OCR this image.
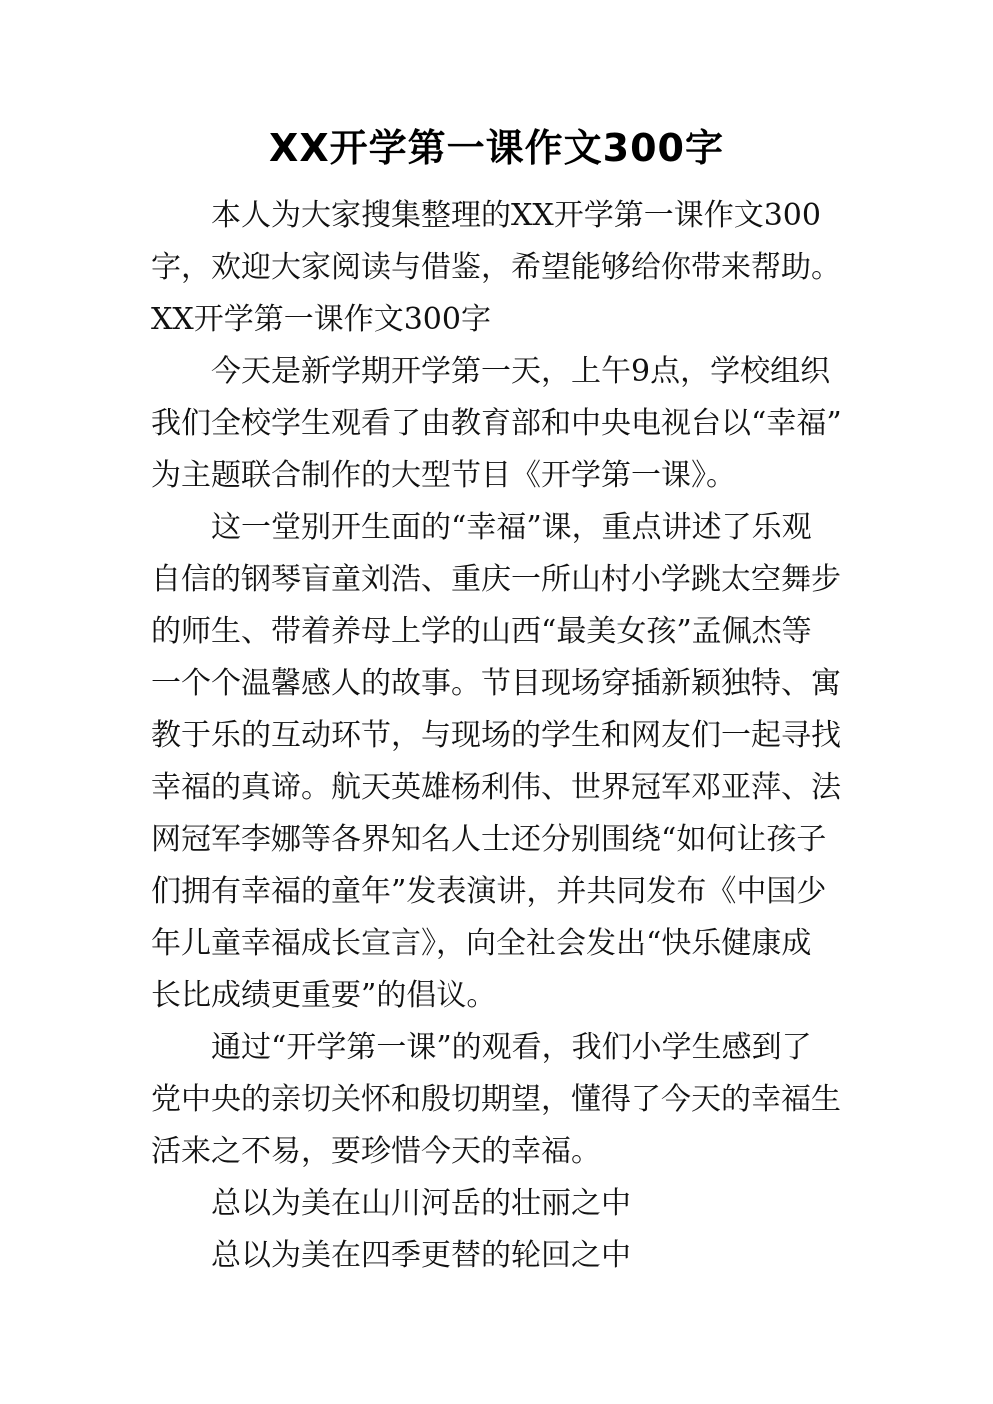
XX开学第一课作文300字
本人为大家搜集整理的XX开学第一课作文300
字，欢迎大家阅读与借鉴，希望能够给你带来帮助。
XX开学第一课作文300字
今天是新学期开学第一天，上午9点，学校组织
我们全校学生观看了由教育部和中央电视台以“幸福”
为主题联合制作的大型节目《开学第一课》。
这一堂别开生面的“幸福”课，重点讲述了乐观
自信的钢琴盲童刘浩、重庆一所山村小学跳太空舞步
的师生、带着养母上学的山西“最美女孩”孟佩杰等
一个个温馨感人的故事。节目现场穿插新颖独特、寓
教于乐的互动环节，与现场的学生和网友们一起寻找
幸福的真谛。航天英雄杨利伟、世界冠军邓亚萍、法
网冠军李娜等各界知名人士还分别围绕“如何让孩子
们拥有幸福的童年”发表演讲，并共同发布《中国少
年儿童幸福成长宣言》，向全社会发出“快乐健康成
长比成绩更重要”的倡议。
通过“开学第一课”的观看，我们小学生感到了
党中央的亲切关怀和殷切期望，懂得了今天的幸福生
活来之不易，要珍惜今天的幸福。
总以为美在山川河岳的壮丽之中
总以为美在四季更替的轮回之中
